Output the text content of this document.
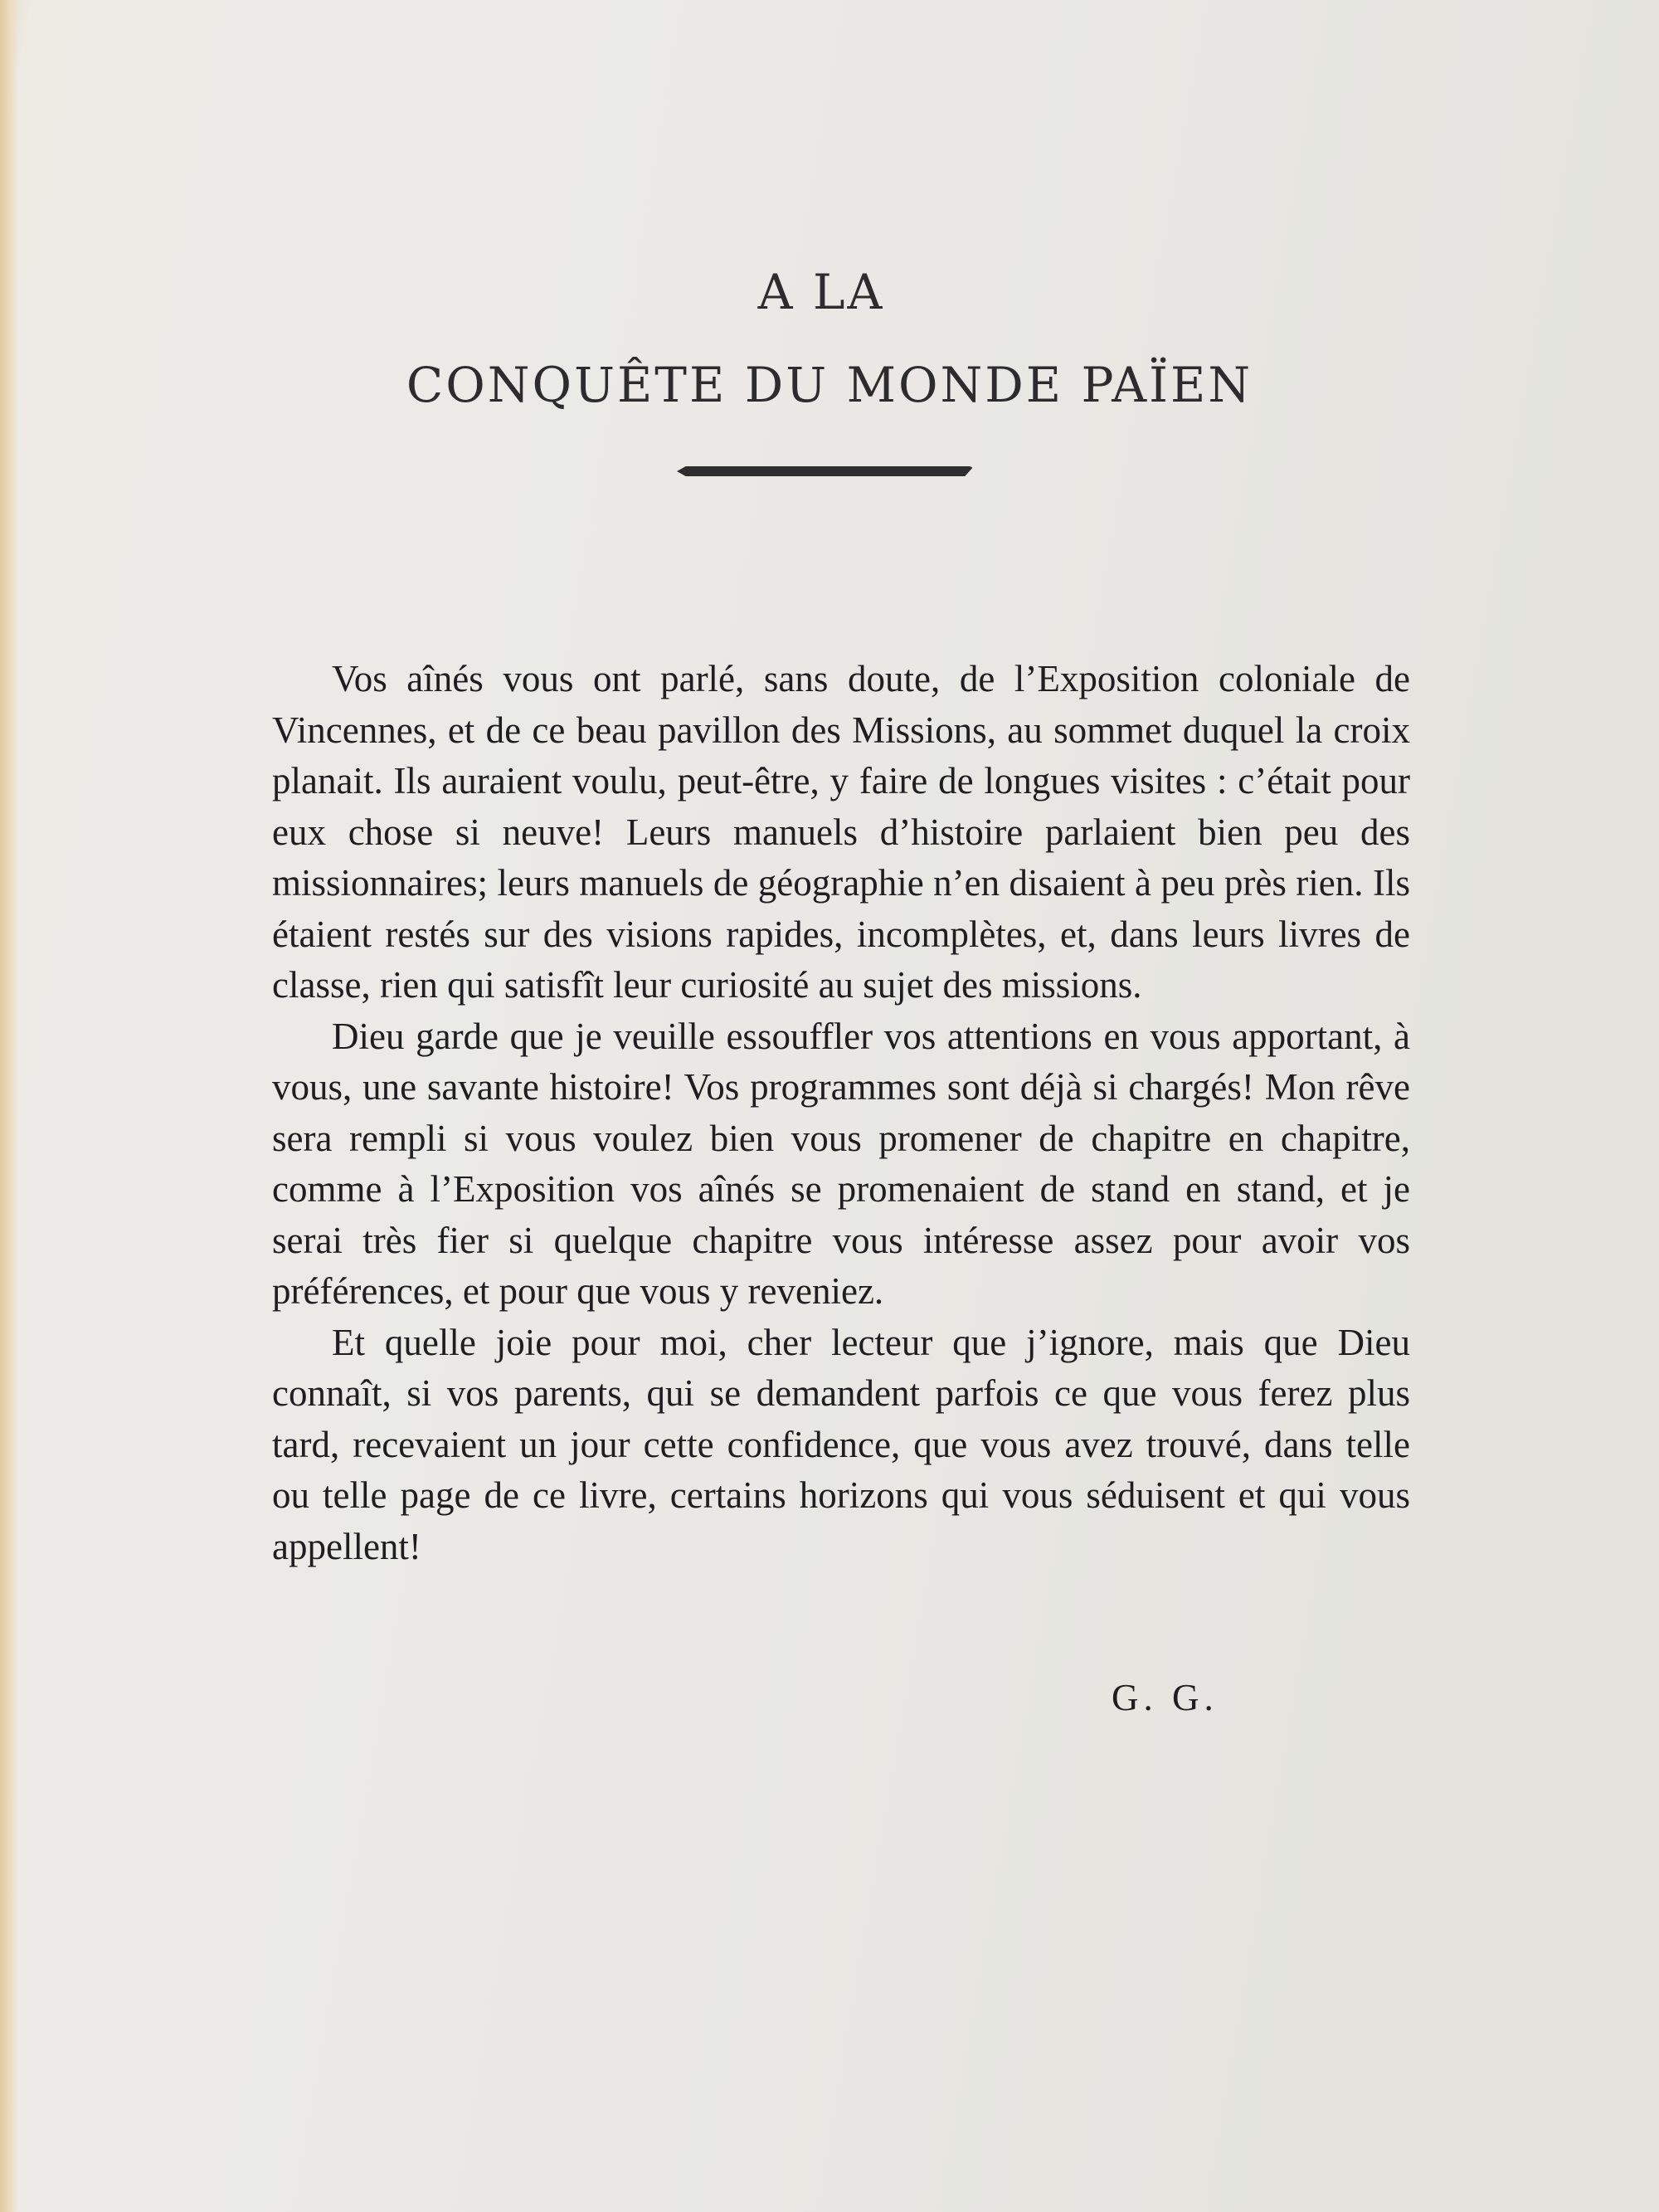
A LA
CONQUÊTE DU MONDE PAÏEN

Vos aînés vous ont parlé, sans doute, de l’Exposition coloniale de Vincennes, et de ce beau pavillon des Missions, au sommet duquel la croix planait. Ils auraient voulu, peut-être, y faire de longues visites : c’était pour eux chose si neuve! Leurs manuels d’histoire parlaient bien peu des missionnaires; leurs manuels de géographie n’en disaient à peu près rien. Ils étaient restés sur des visions rapides, incomplètes, et, dans leurs livres de classe, rien qui satisfît leur curiosité au sujet des missions.

Dieu garde que je veuille essouffler vos attentions en vous apportant, à vous, une savante histoire! Vos programmes sont déjà si chargés! Mon rêve sera rempli si vous voulez bien vous promener de chapitre en chapitre, comme à l’Exposition vos aînés se promenaient de stand en stand, et je serai très fier si quelque chapitre vous intéresse assez pour avoir vos préférences, et pour que vous y reveniez.

Et quelle joie pour moi, cher lecteur que j’ignore, mais que Dieu connaît, si vos parents, qui se demandent parfois ce que vous ferez plus tard, recevaient un jour cette confidence, que vous avez trouvé, dans telle ou telle page de ce livre, certains horizons qui vous séduisent et qui vous appellent!

G. G.
